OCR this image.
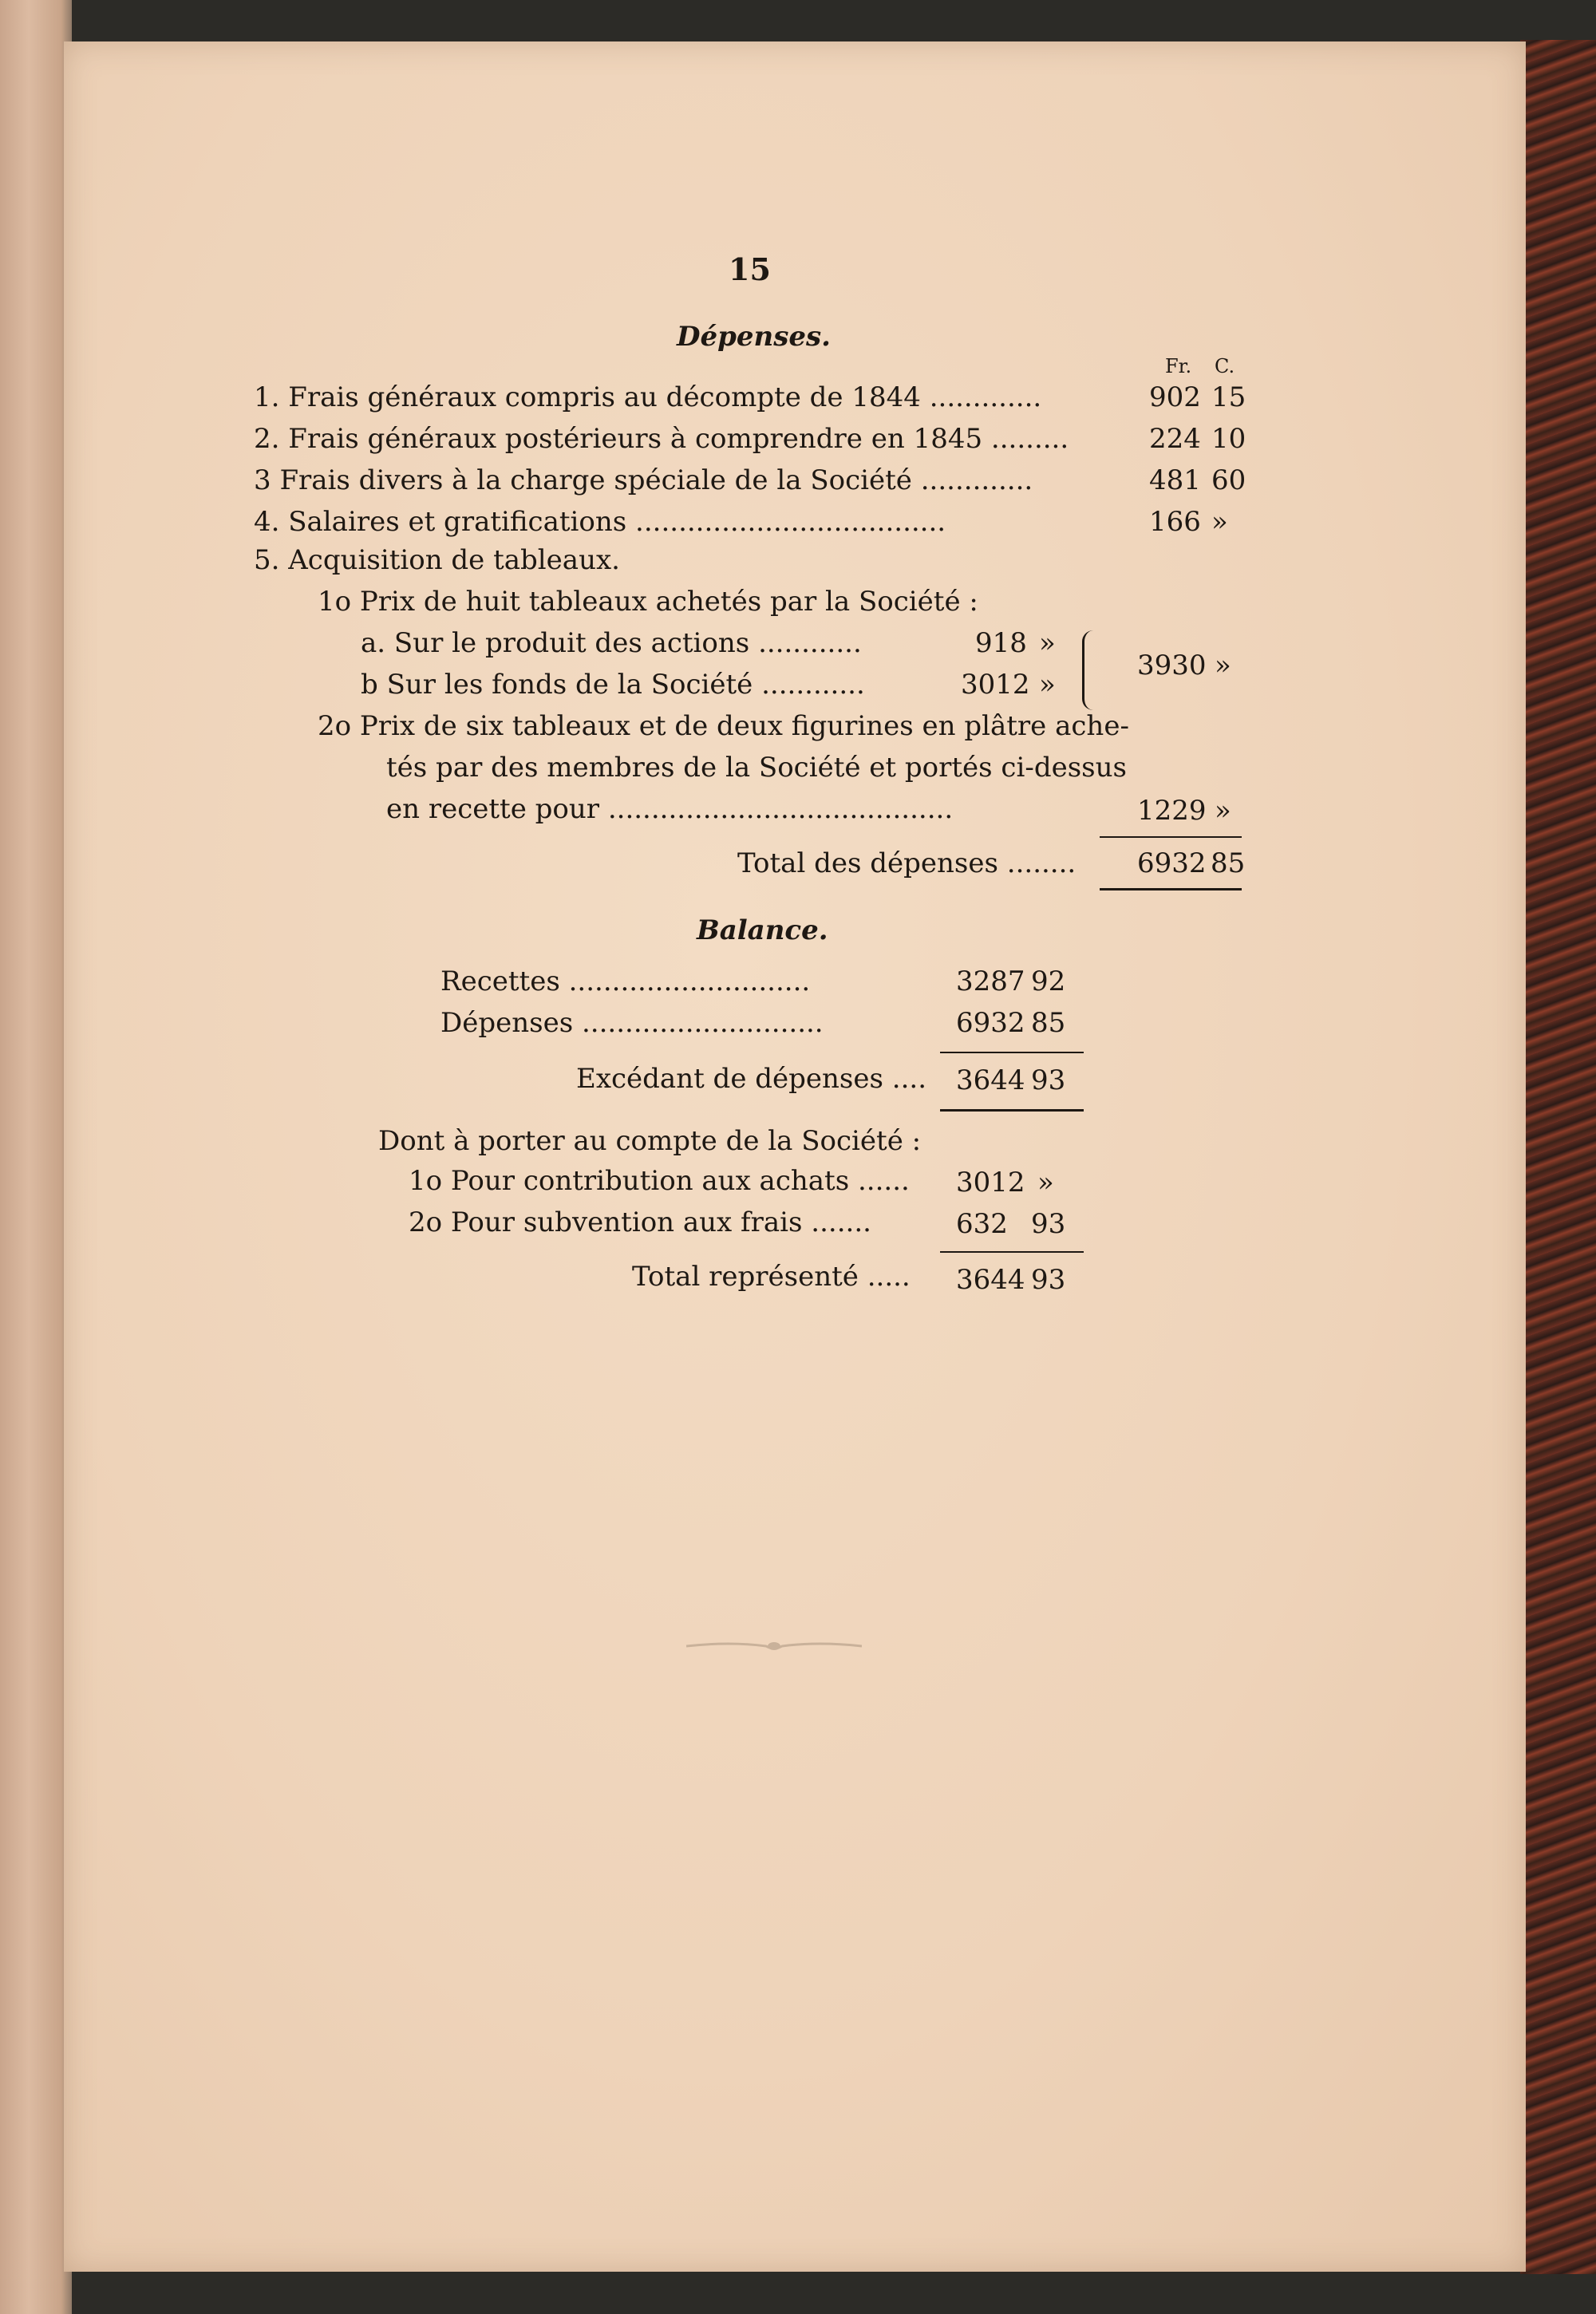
15
Dépenses.
Fr. C.
1. Frais généraux compris au décompte de 1844 .............	902 15
2. Frais généraux postérieurs à comprendre en 1845 .........	224 10
3 Frais divers à la charge spéciale de la Société .............	481 60
4. Salaires et gratifications ....................................	166 »
5. Acquisition de tableaux.
1o Prix de huit tableaux achetés par la Société :
a. Sur le produit des actions ............	918 »
b Sur les fonds de la Société ............	3012 »
3930 »
2o Prix de six tableaux et de deux figurines en plâtre ache-
tés par des membres de la Société et portés ci-dessus
en recette pour ........................................	1229 »
Total des dépenses ........	6932 85
Balance.
Recettes ............................	3287 92
Dépenses ............................	6932 85
Excédant de dépenses ....	3644 93
Dont à porter au compte de la Société :
1o Pour contribution aux achats ......	3012 »
2o Pour subvention aux frais .......	632 93
Total représenté .....	3644 93
